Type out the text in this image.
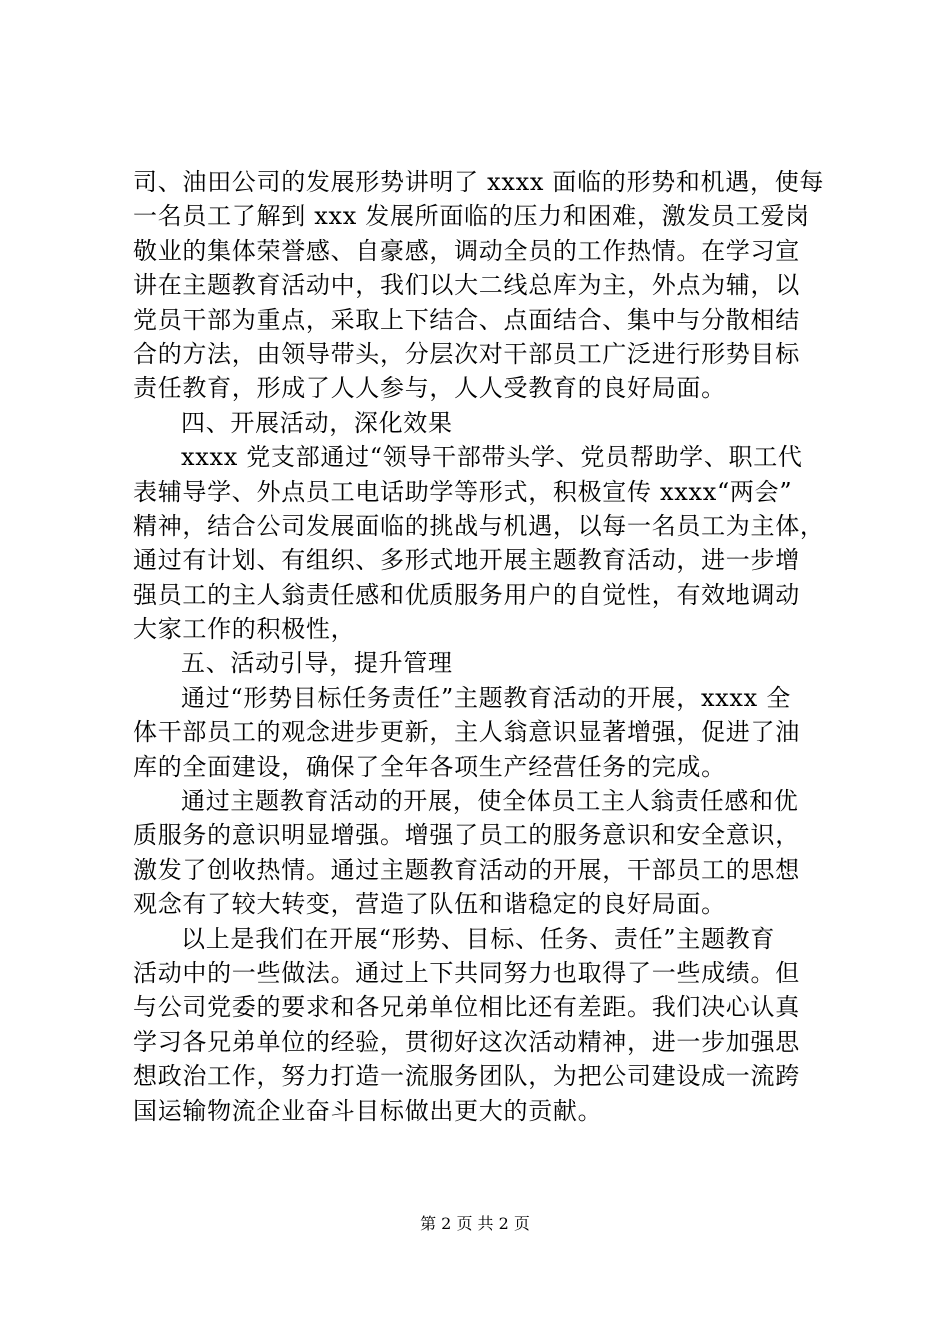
司、油田公司的发展形势讲明了 xxxx 面临的形势和机遇，使每
一名员工了解到 xxx 发展所面临的压力和困难，激发员工爱岗
敬业的集体荣誉感、自豪感，调动全员的工作热情。在学习宣
讲在主题教育活动中，我们以大二线总库为主，外点为辅，以
党员干部为重点，采取上下结合、点面结合、集中与分散相结
合的方法，由领导带头，分层次对干部员工广泛进行形势目标
责任教育，形成了人人参与，人人受教育的良好局面。
四、开展活动，深化效果
xxxx 党支部通过“领导干部带头学、党员帮助学、职工代
表辅导学、外点员工电话助学等形式，积极宣传 xxxx“两会”
精神，结合公司发展面临的挑战与机遇，以每一名员工为主体，
通过有计划、有组织、多形式地开展主题教育活动，进一步增
强员工的主人翁责任感和优质服务用户的自觉性，有效地调动
大家工作的积极性，
五、活动引导，提升管理
通过“形势目标任务责任”主题教育活动的开展，xxxx 全
体干部员工的观念进步更新，主人翁意识显著增强，促进了油
库的全面建设，确保了全年各项生产经营任务的完成。
通过主题教育活动的开展，使全体员工主人翁责任感和优
质服务的意识明显增强。增强了员工的服务意识和安全意识，
激发了创收热情。通过主题教育活动的开展，干部员工的思想
观念有了较大转变，营造了队伍和谐稳定的良好局面。
以上是我们在开展“形势、目标、任务、责任”主题教育
活动中的一些做法。通过上下共同努力也取得了一些成绩。但
与公司党委的要求和各兄弟单位相比还有差距。我们决心认真
学习各兄弟单位的经验，贯彻好这次活动精神，进一步加强思
想政治工作，努力打造一流服务团队，为把公司建设成一流跨
国运输物流企业奋斗目标做出更大的贡献。
第 2 页 共 2 页
